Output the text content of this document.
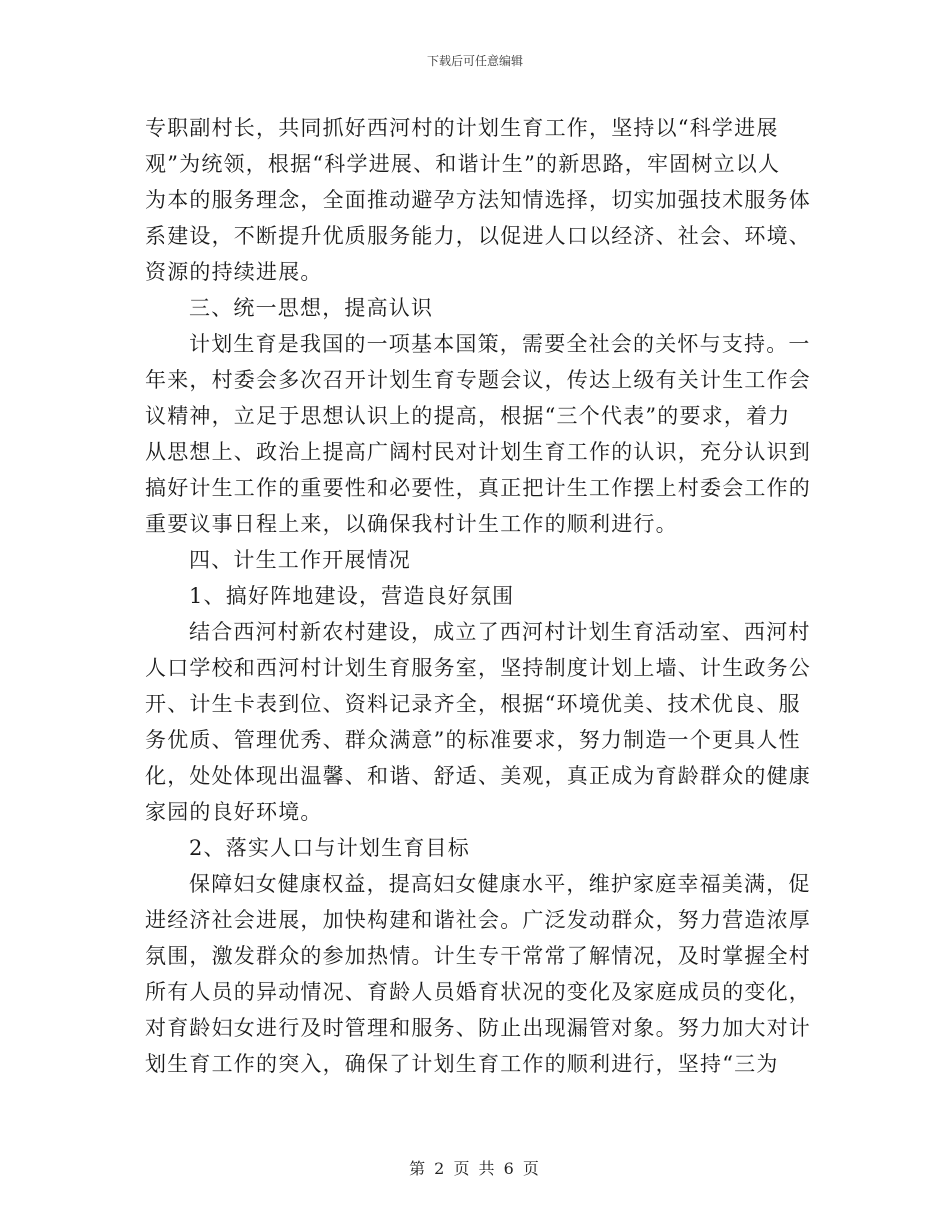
下载后可任意编辑
专职副村长，共同抓好西河村的计划生育工作，坚持以“科学进展
观”为统领，根据“科学进展、和谐计生”的新思路，牢固树立以人
为本的服务理念，全面推动避孕方法知情选择，切实加强技术服务体
系建设，不断提升优质服务能力，以促进人口以经济、社会、环境、
资源的持续进展。
三、统一思想，提高认识
计划生育是我国的一项基本国策，需要全社会的关怀与支持。一
年来，村委会多次召开计划生育专题会议，传达上级有关计生工作会
议精神，立足于思想认识上的提高，根据“三个代表”的要求，着力
从思想上、政治上提高广阔村民对计划生育工作的认识，充分认识到
搞好计生工作的重要性和必要性，真正把计生工作摆上村委会工作的
重要议事日程上来，以确保我村计生工作的顺利进行。
四、计生工作开展情况
1、搞好阵地建设，营造良好氛围
结合西河村新农村建设，成立了西河村计划生育活动室、西河村
人口学校和西河村计划生育服务室，坚持制度计划上墙、计生政务公
开、计生卡表到位、资料记录齐全，根据“环境优美、技术优良、服
务优质、管理优秀、群众满意”的标准要求，努力制造一个更具人性
化，处处体现出温馨、和谐、舒适、美观，真正成为育龄群众的健康
家园的良好环境。
2、落实人口与计划生育目标
保障妇女健康权益，提高妇女健康水平，维护家庭幸福美满，促
进经济社会进展，加快构建和谐社会。广泛发动群众，努力营造浓厚
氛围，激发群众的参加热情。计生专干常常了解情况，及时掌握全村
所有人员的异动情况、育龄人员婚育状况的变化及家庭成员的变化，
对育龄妇女进行及时管理和服务、防止出现漏管对象。努力加大对计
划生育工作的突入，确保了计划生育工作的顺利进行，坚持“三为
第 2 页 共 6 页
